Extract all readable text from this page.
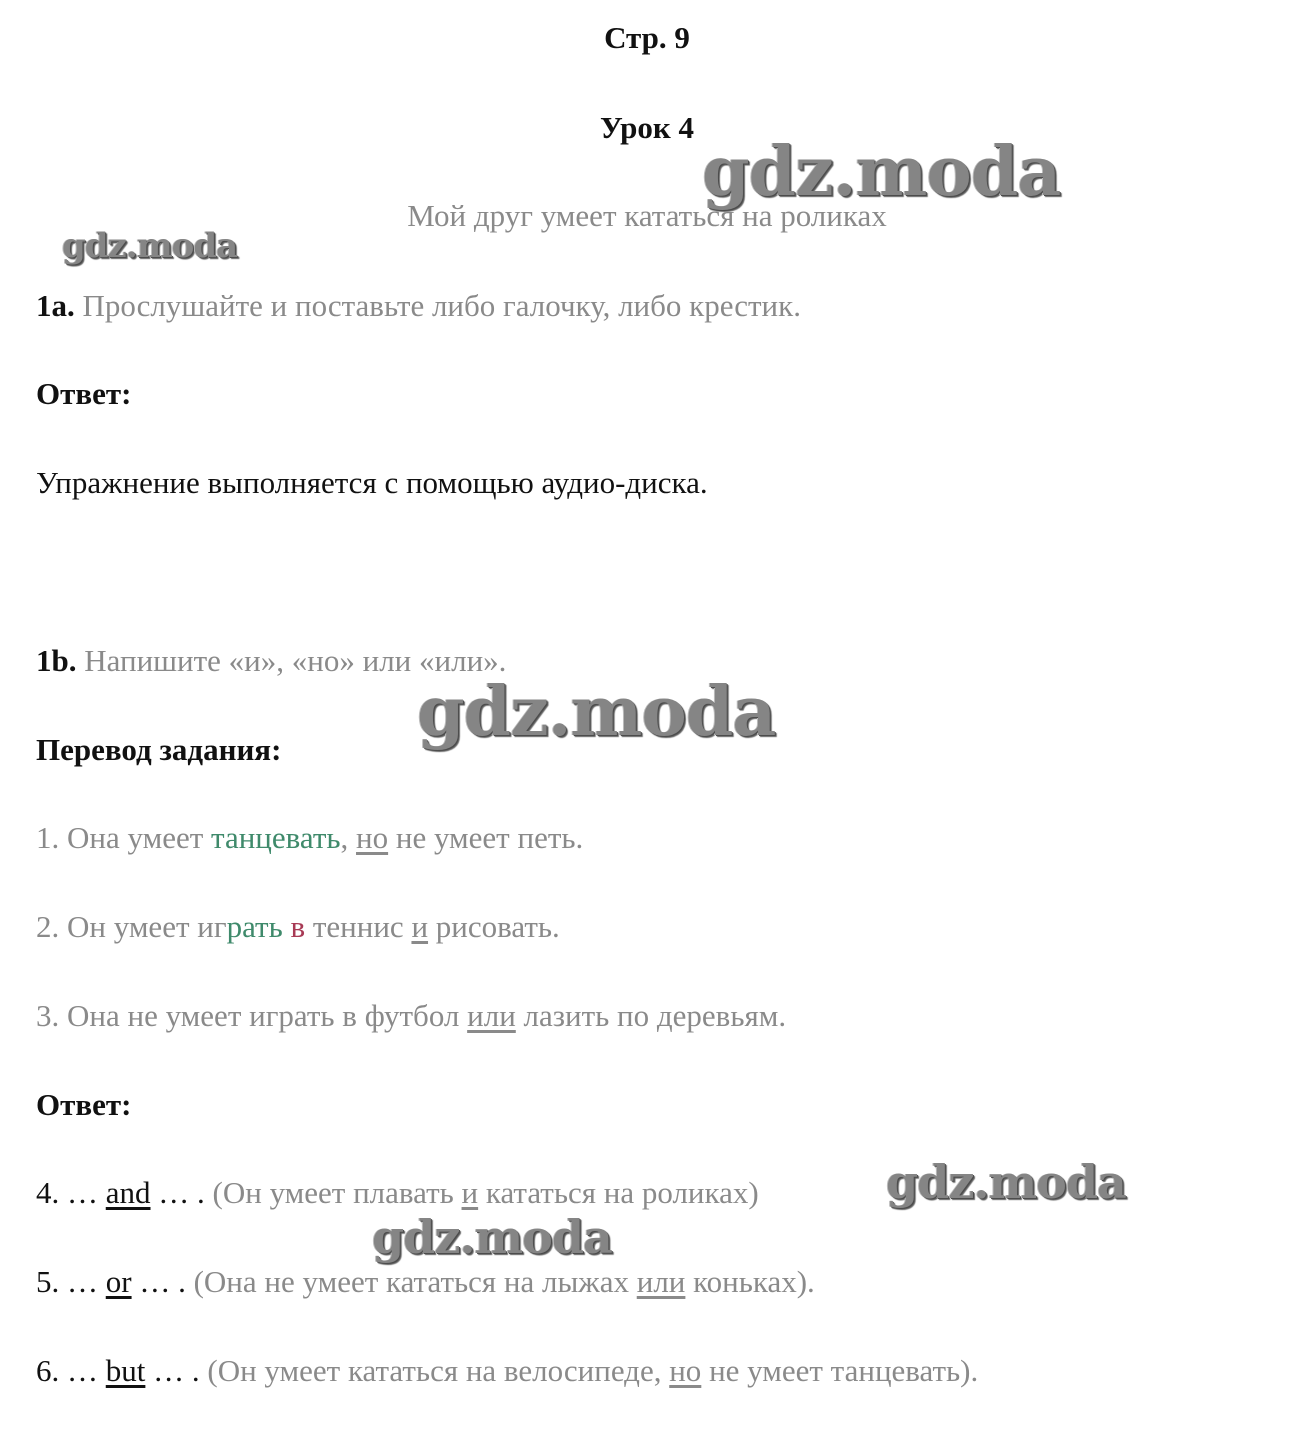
Стр. 9
Урок 4
Мой друг умеет кататься на роликах
gdz.moda
gdz.moda
1a. Прослушайте и поставьте либо галочку, либо крестик.
Ответ:
Упражнение выполняется с помощью аудио-диска.
1b. Напишите «и», «но» или «или».
gdz.moda
Перевод задания:
1. Она умеет танцевать, но не умеет петь.
2. Он умеет играть в теннис и рисовать.
3. Она не умеет играть в футбол или лазить по деревьям.
Ответ:
4. … and … . (Он умеет плавать и кататься на роликах)	gdz.moda
gdz.moda
5. … or … . (Она не умеет кататься на лыжах или коньках).
6. … but … . (Он умеет кататься на велосипеде, но не умеет танцевать).
